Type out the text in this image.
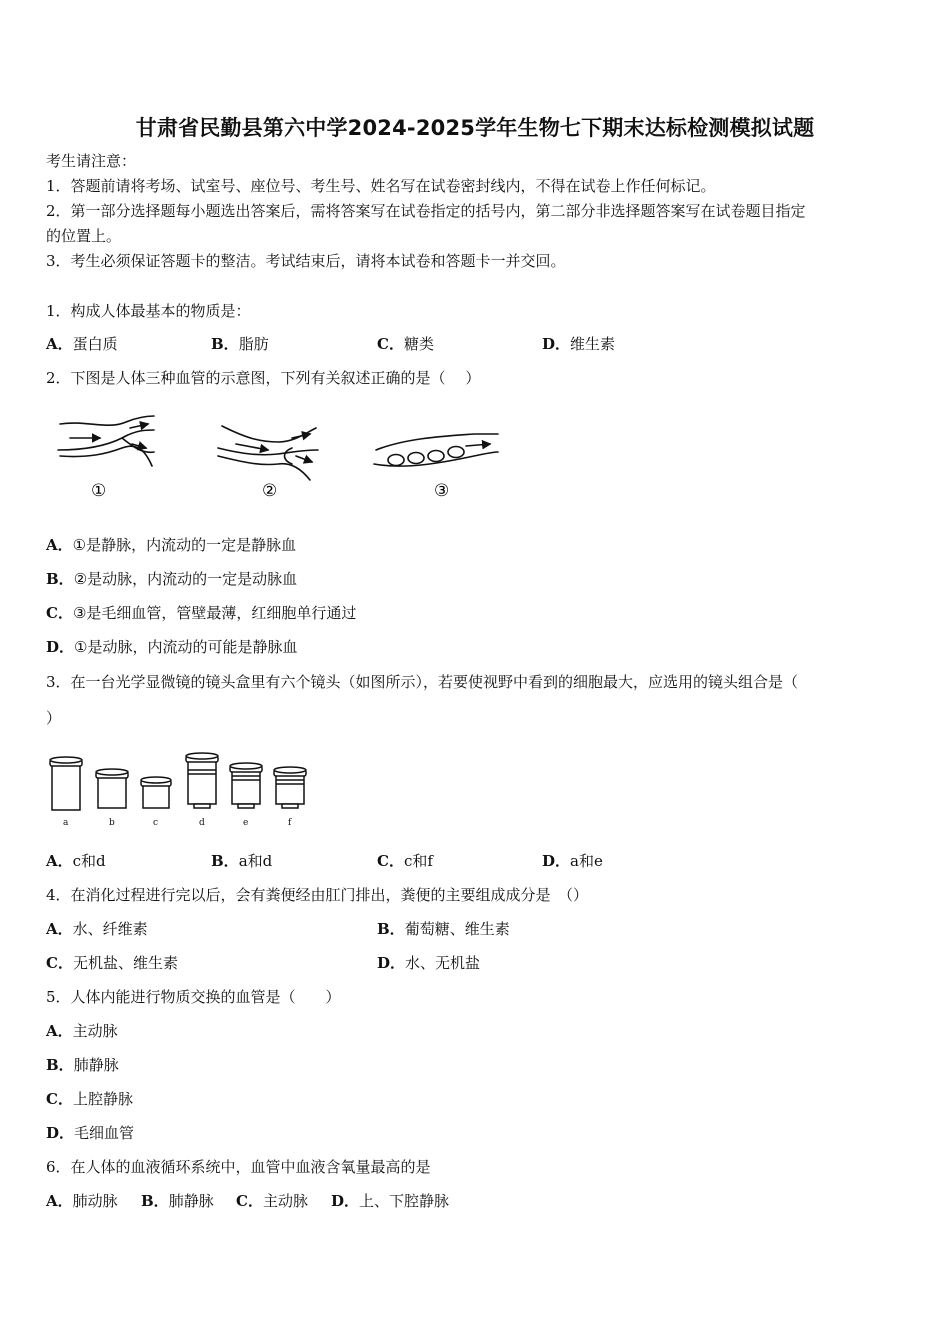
甘肃省民勤县第六中学2024-2025学年生物七下期末达标检测模拟试题
考生请注意：
1．答题前请将考场、试室号、座位号、考生号、姓名写在试卷密封线内，不得在试卷上作任何标记。
2．第一部分选择题每小题选出答案后，需将答案写在试卷指定的括号内，第二部分非选择题答案写在试卷题目指定
的位置上。
3．考生必须保证答题卡的整洁。考试结束后，请将本试卷和答题卡一并交回。
1．构成人体最基本的物质是：
A．蛋白质	B．脂肪	C．糖类	D．维生素
2．下图是人体三种血管的示意图，下列有关叙述正确的是（　 ）
①	②	③
A．①是静脉，内流动的一定是静脉血
B．②是动脉，内流动的一定是动脉血
C．③是毛细血管，管壁最薄，红细胞单行通过
D．①是动脉，内流动的可能是静脉血
3．在一台光学显微镜的镜头盒里有六个镜头（如图所示），若要使视野中看到的细胞最大，应选用的镜头组合是（
）
a	b	c	d	e	f
A．c和d	B．a和d	C．c和f	D．a和e
4．在消化过程进行完以后，会有粪便经由肛门排出，粪便的主要组成成分是　（）
A．水、纤维素	B．葡萄糖、维生素
C．无机盐、维生素	D．水、无机盐
5．人体内能进行物质交换的血管是（　　）
A．主动脉
B．肺静脉
C．上腔静脉
D．毛细血管
6．在人体的血液循环系统中，血管中血液含氧量最高的是
A．肺动脉 B．肺静脉 C．主动脉 D．上、下腔静脉
